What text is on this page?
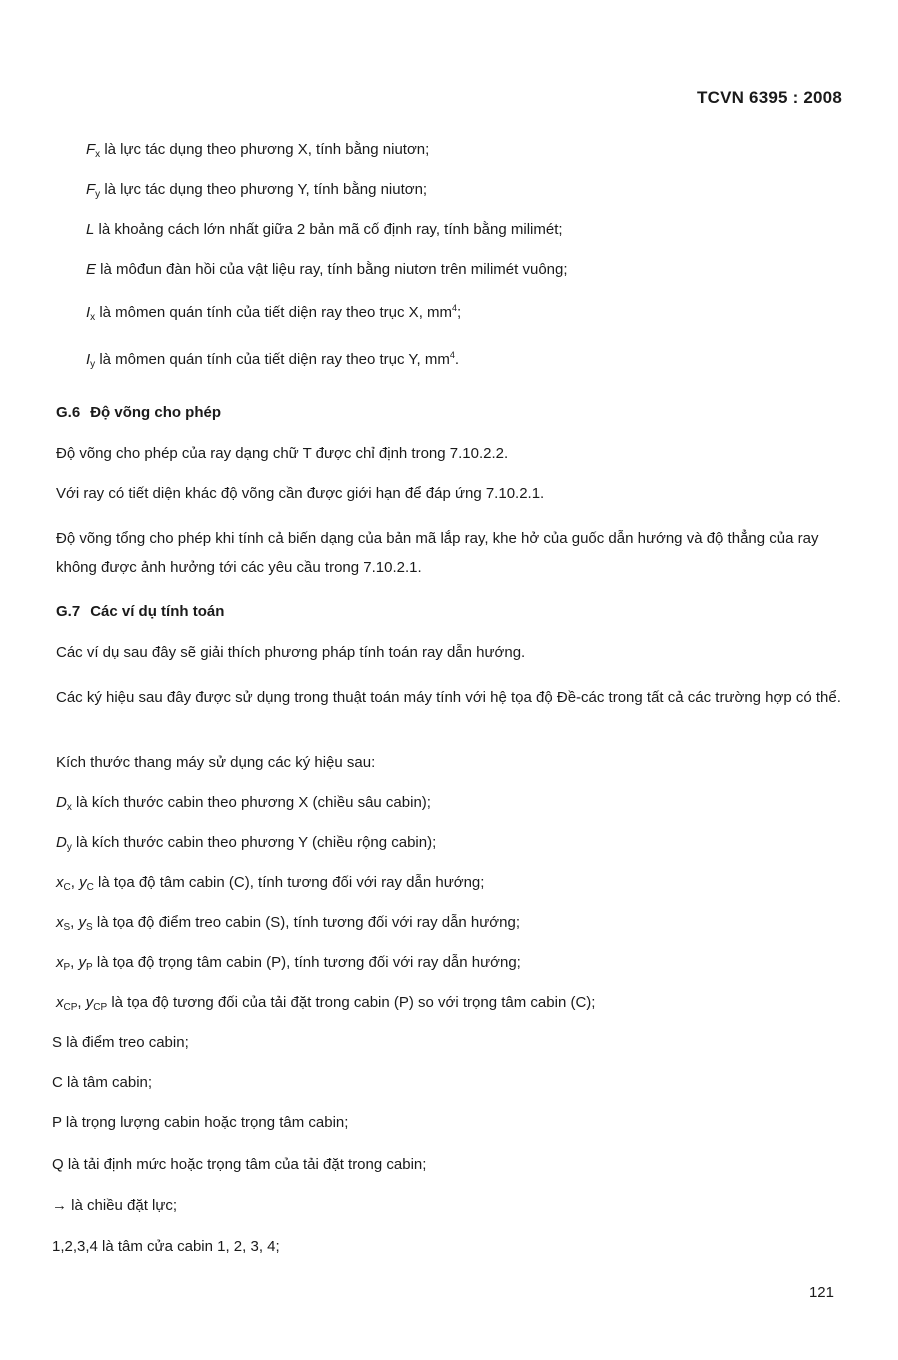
TCVN 6395 : 2008
$F_x$ là lực tác dụng theo phương X, tính bằng niutơn;
$F_y$ là lực tác dụng theo phương Y, tính bằng niutơn;
L là khoảng cách lớn nhất giữa 2 bản mã cố định ray, tính bằng milimét;
E là môđun đàn hồi của vật liệu ray, tính bằng niutơn trên milimét vuông;
$I_x$ là mômen quán tính của tiết diện ray theo trục X, $mm^4$;
$I_y$ là mômen quán tính của tiết diện ray theo trục Y, $mm^4$.
G.6 Độ võng cho phép
Độ võng cho phép của ray dạng chữ T được chỉ định trong 7.10.2.2.
Với ray có tiết diện khác độ võng cần được giới hạn để đáp ứng 7.10.2.1.
Độ võng tổng cho phép khi tính cả biến dạng của bản mã lắp ray, khe hở của guốc dẫn hướng và độ thẳng của ray không được ảnh hưởng tới các yêu cầu trong 7.10.2.1.
G.7 Các ví dụ tính toán
Các ví dụ sau đây sẽ giải thích phương pháp tính toán ray dẫn hướng.
Các ký hiệu sau đây được sử dụng trong thuật toán máy tính với hệ tọa độ Đề-các trong tất cả các trường hợp có thể.
Kích thước thang máy sử dụng các ký hiệu sau:
$D_x$ là kích thước cabin theo phương X (chiều sâu cabin);
$D_y$ là kích thước cabin theo phương Y (chiều rộng cabin);
$x_C$, $y_C$ là tọa độ tâm cabin (C), tính tương đối với ray dẫn hướng;
$x_S$, $y_S$ là tọa độ điểm treo cabin (S), tính tương đối với ray dẫn hướng;
$x_P$, $y_P$ là tọa độ trọng tâm cabin (P), tính tương đối với ray dẫn hướng;
$x_{CP}$, $y_{CP}$ là tọa độ tương đối của tải đặt trong cabin (P) so với trọng tâm cabin (C);
S là điểm treo cabin;
C là tâm cabin;
P là trọng lượng cabin hoặc trọng tâm cabin;
Q là tải định mức hoặc trọng tâm của tải đặt trong cabin;
→ là chiều đặt lực;
1,2,3,4 là tâm cửa cabin 1, 2, 3, 4;
121
